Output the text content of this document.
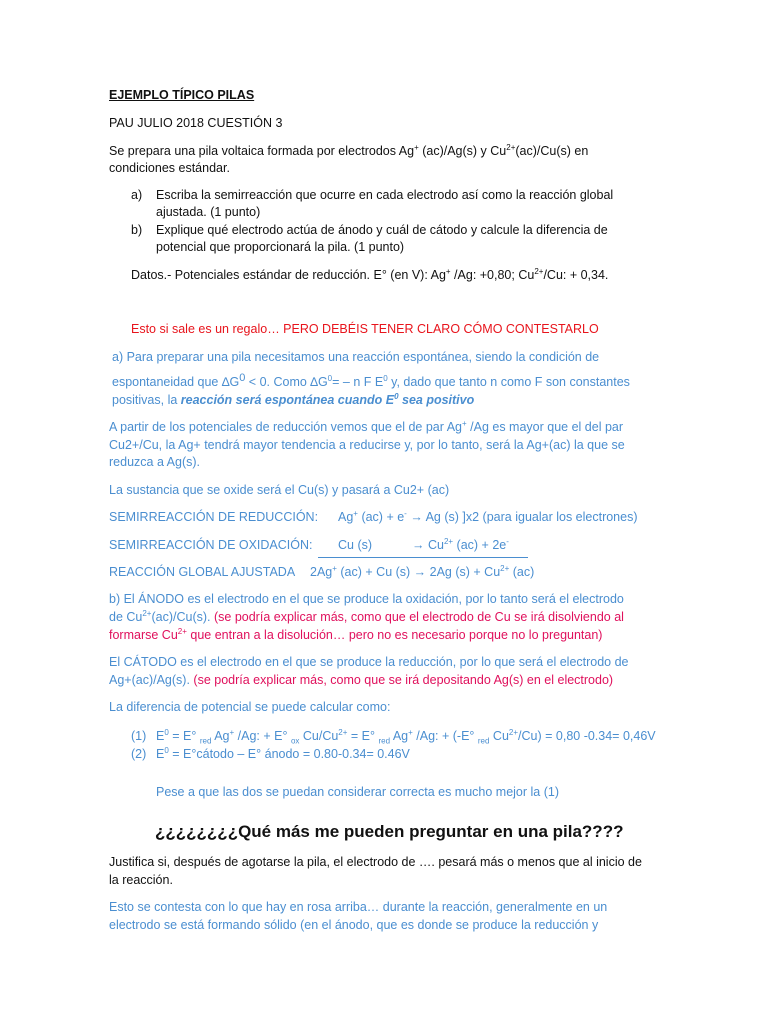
EJEMPLO TÍPICO PILAS
PAU JULIO 2018 CUESTIÓN 3
Se prepara una pila voltaica formada por electrodos Ag+ (ac)/Ag(s) y $Cu^{2+}(ac)/Cu(s)$ en
condiciones estándar.
a) Escriba la semirreacción que ocurre en cada electrodo así como la reacción global
ajustada. (1 punto)
b) Explique qué electrodo actúa de ánodo y cuál de cátodo y calcule la diferencia de
potencial que proporcionará la pila. (1 punto)
Datos.- Potenciales estándar de reducción. E° (en V): Ag+ /Ag: +0,80; $Cu^{2+}/Cu$: + 0,34.
Esto si sale es un regalo… PERO DEBÉIS TENER CLARO CÓMO CONTESTARLO
a) Para preparar una pila necesitamos una reacción espontánea, siendo la condición de
espontaneidad que $\Delta G^0 < 0$. Como $\Delta G^0= - n$ F $E^0$ y, dado que tanto n como F son constantes
positivas, la reacción será espontánea cuando $E^0$ sea positivo
A partir de los potenciales de reducción vemos que el de par Ag+ /Ag es mayor que el del par
Cu2+/Cu, la Ag+ tendrá mayor tendencia a reducirse y, por lo tanto, será la Ag+(ac) la que se
reduzca a Ag(s).
La sustancia que se oxide será el Cu(s) y pasará a Cu2+ (ac)
SEMIRREACCIÓN DE REDUCCIÓN: Ag+ (ac) + e- → Ag (s) ]x2 (para igualar los electrones)
SEMIRREACCIÓN DE OXIDACIÓN: Cu (s)	→ $Cu^{2+}$ (ac) + 2e-
REACCIÓN GLOBAL AJUSTADA 2Ag+ (ac) + Cu (s) → 2Ag $(s) + Cu^{2+}$ (ac)
b) El ÁNODO es el electrodo en el que se produce la oxidación, por lo tanto será el electrodo
de $Cu^{2+}(ac)/Cu(s)$. (se podría explicar más, como que el electrodo de Cu se irá disolviendo al
formarse $Cu^{2+}$ que entran a la disolución… pero no es necesario porque no lo preguntan)
El CÁTODO es el electrodo en el que se produce la reducción, por lo que será el electrodo de
Ag+(ac)/Ag(s). (se podría explicar más, como que se irá depositando Ag(s) en el electrodo)
La diferencia de potencial se puede calcular como:
(1) $E^0 = E^\circ$ $_{red}$ Ag+ /Ag: + E° $_{ox}$ $Cu/Cu^{2+} = E^\circ$ $_{red}$ Ag+ /Ag: + (-E° $_{red}$ $Cu^{2+}/Cu) = 0,80$ -0.34= 0,46V
(2) $E^0$ = E°cátodo – E° ánodo = 0.80-0.34= 0.46V
Pese a que las dos se puedan considerar correcta es mucho mejor la (1)
¿¿¿¿¿¿¿¿Qué más me pueden preguntar en una pila????
Justifica si, después de agotarse la pila, el electrodo de …. pesará más o menos que al inicio de
la reacción.
Esto se contesta con lo que hay en rosa arriba… durante la reacción, generalmente en un
electrodo se está formando sólido (en el ánodo, que es donde se produce la reducción y
